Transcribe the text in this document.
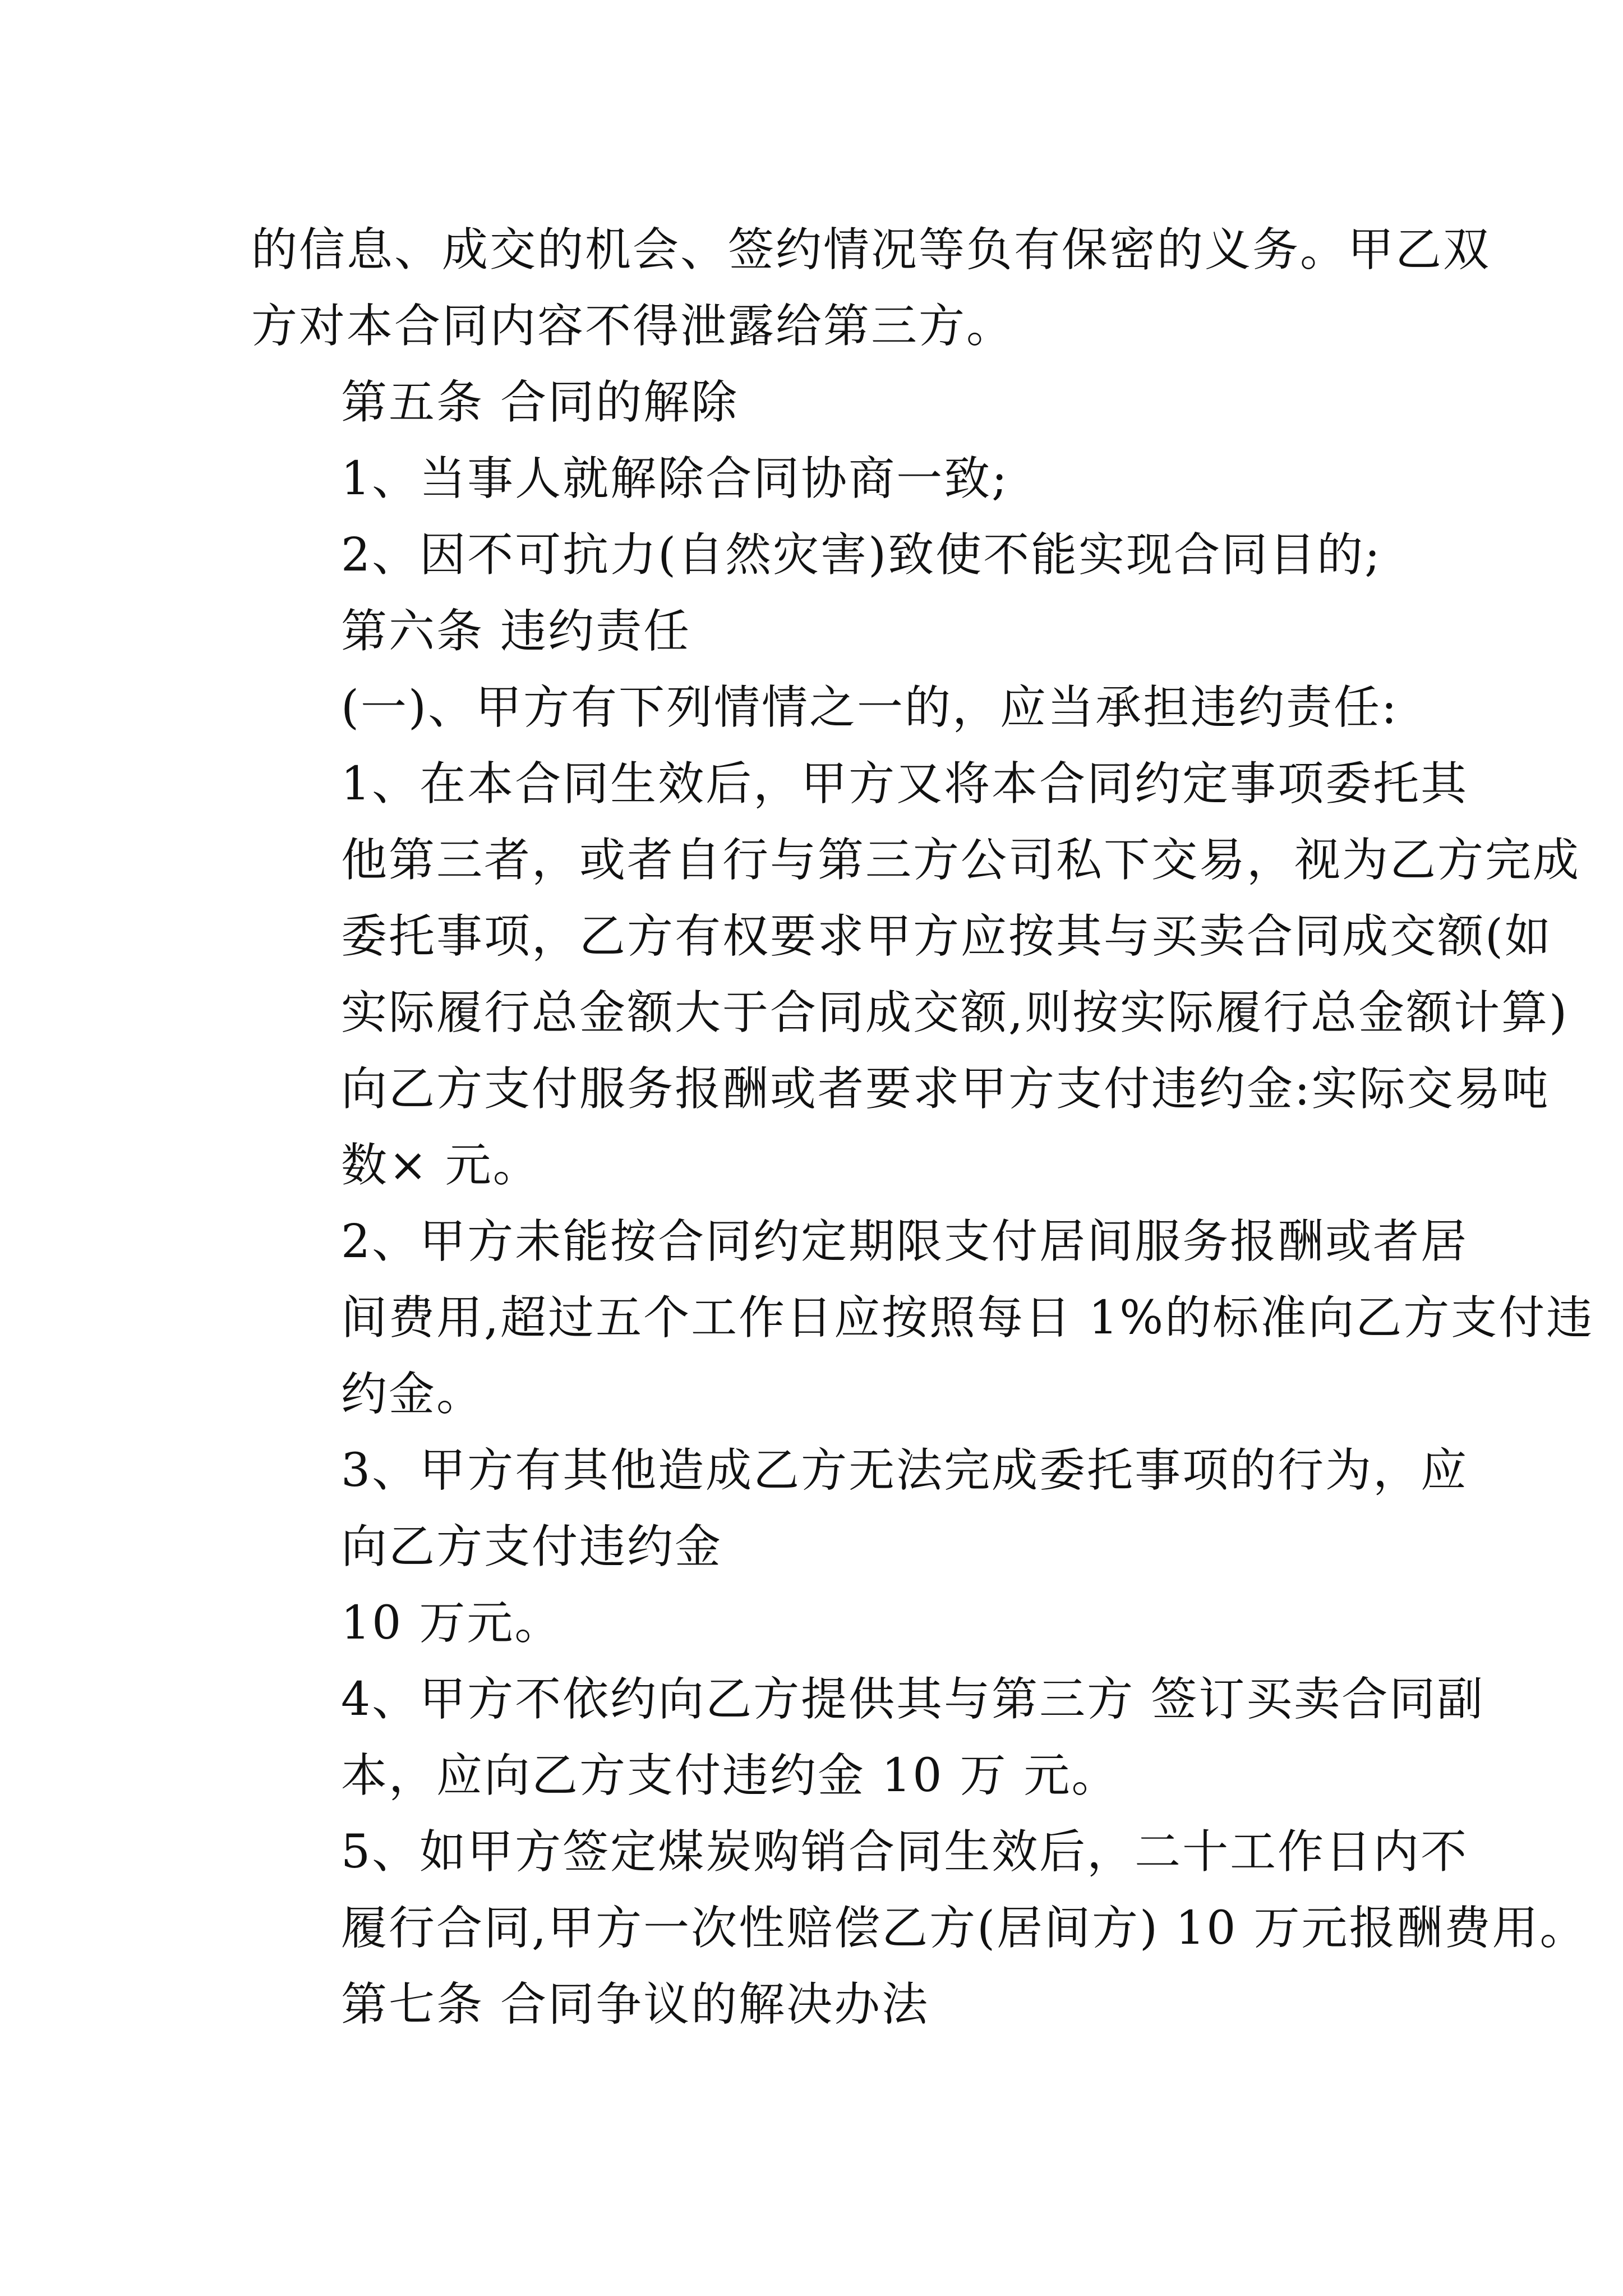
的信息、成交的机会、签约情况等负有保密的义务。甲乙双
方对本合同内容不得泄露给第三方。

第五条 合同的解除

1、当事人就解除合同协商一致;

2、因不可抗力(自然灾害)致使不能实现合同目的;

第六条 违约责任

(一)、甲方有下列情情之一的，应当承担违约责任:

1、在本合同生效后，甲方又将本合同约定事项委托其
他第三者，或者自行与第三方公司私下交易，视为乙方完成
委托事项，乙方有权要求甲方应按其与买卖合同成交额(如
实际履行总金额大于合同成交额,则按实际履行总金额计算)
向乙方支付服务报酬或者要求甲方支付违约金:实际交易吨
数× 元。

2、甲方未能按合同约定期限支付居间服务报酬或者居
间费用,超过五个工作日应按照每日 1%的标准向乙方支付违
约金。

3、甲方有其他造成乙方无法完成委托事项的行为，应
向乙方支付违约金

10 万元。

4、甲方不依约向乙方提供其与第三方 签订买卖合同副
本，应向乙方支付违约金 10 万 元。

5、如甲方签定煤炭购销合同生效后，二十工作日内不
履行合同,甲方一次性赔偿乙方(居间方) 10 万元报酬费用。

第七条 合同争议的解决办法
